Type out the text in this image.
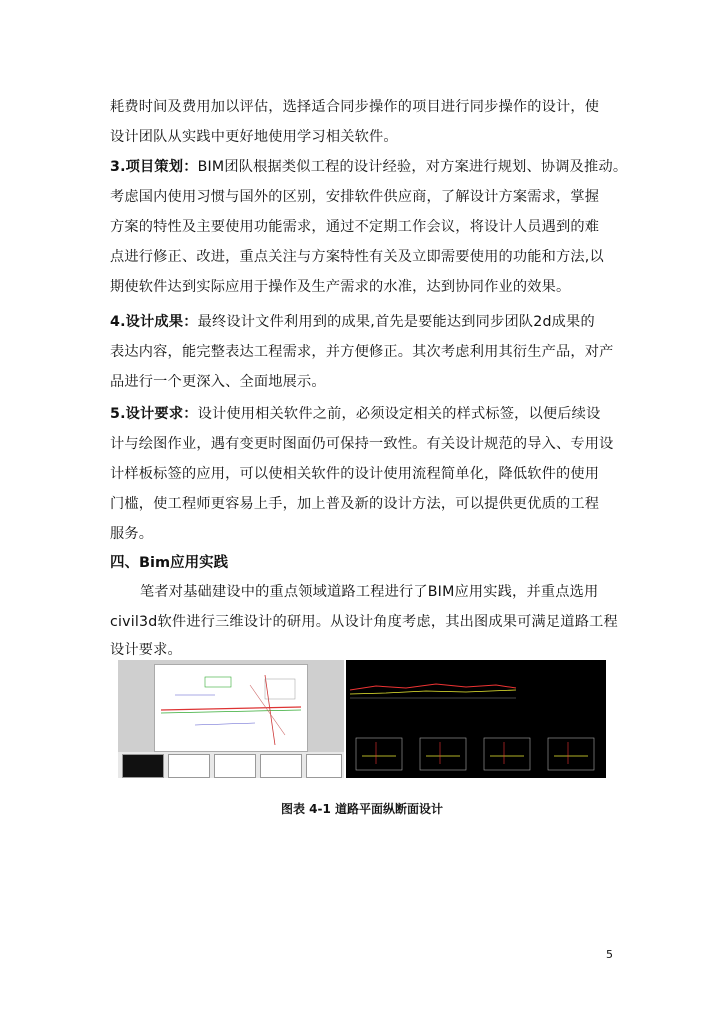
耗费时间及费用加以评估，选择适合同步操作的项目进行同步操作的设计，使
设计团队从实践中更好地使用学习相关软件。
3.项目策划：BIM团队根据类似工程的设计经验，对方案进行规划、协调及推动。
考虑国内使用习惯与国外的区别，安排软件供应商，了解设计方案需求，掌握
方案的特性及主要使用功能需求，通过不定期工作会议，将设计人员遇到的难
点进行修正、改进，重点关注与方案特性有关及立即需要使用的功能和方法,以
期使软件达到实际应用于操作及生产需求的水准，达到协同作业的效果。
4.设计成果：最终设计文件利用到的成果,首先是要能达到同步团队2d成果的
表达内容，能完整表达工程需求，并方便修正。其次考虑利用其衍生产品，对产
品进行一个更深入、全面地展示。
5.设计要求：设计使用相关软件之前，必须设定相关的样式标签，以便后续设
计与绘图作业，遇有变更时图面仍可保持一致性。有关设计规范的导入、专用设
计样板标签的应用，可以使相关软件的设计使用流程简单化，降低软件的使用
门槛，使工程师更容易上手，加上普及新的设计方法，可以提供更优质的工程
服务。
四、Bim应用实践
笔者对基础建设中的重点领域道路工程进行了BIM应用实践，并重点选用
civil3d软件进行三维设计的研用。从设计角度考虑，其出图成果可满足道路工程
设计要求。
图表 4-1 道路平面纵断面设计
5
